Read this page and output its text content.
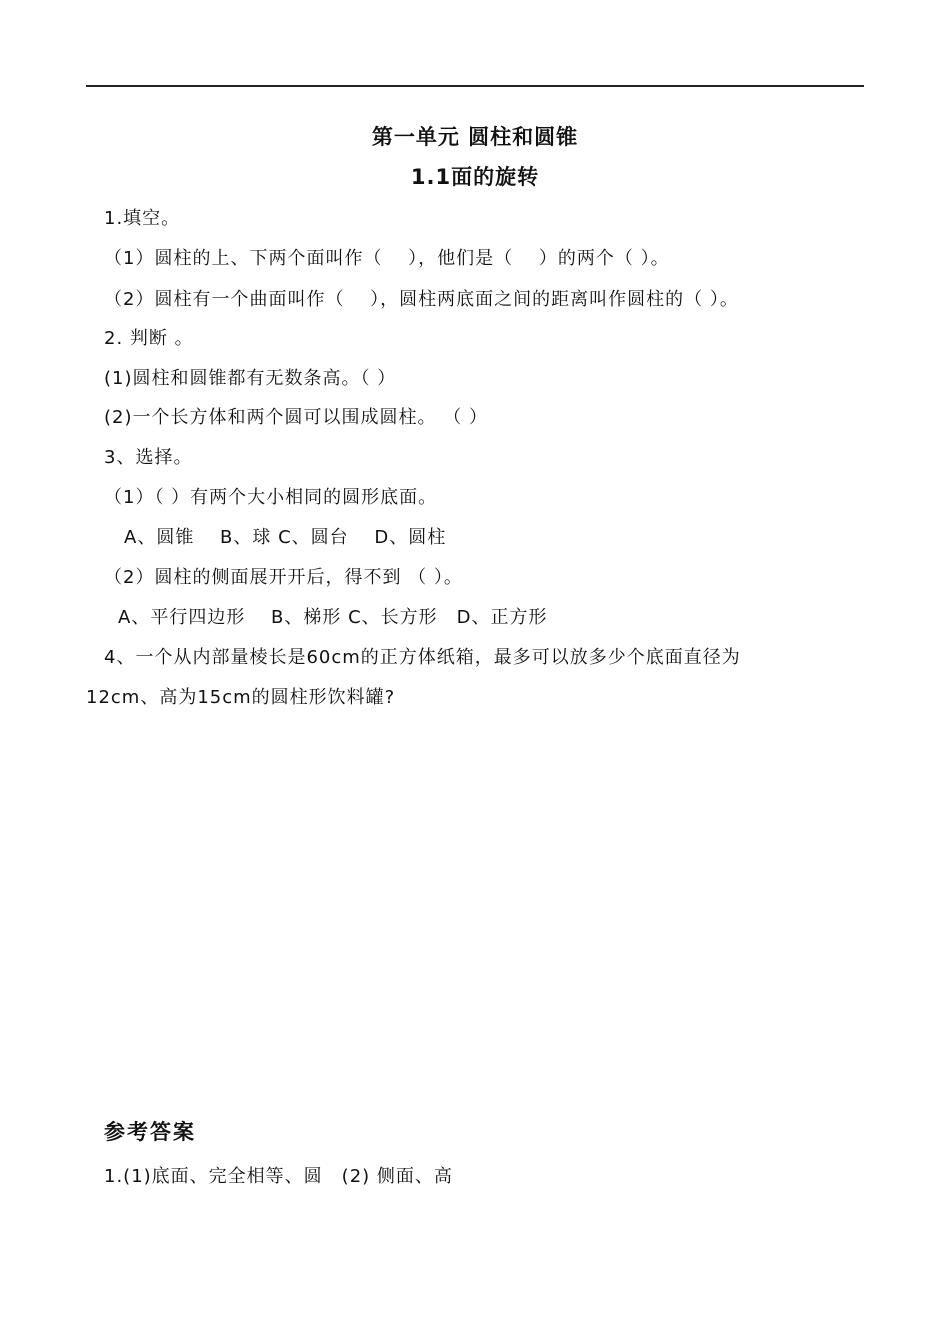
第一单元 圆柱和圆锥
1.1面的旋转
1.填空。
（1）圆柱的上、下两个面叫作（　 ），他们是（　 ）的两个（ ）。
（2）圆柱有一个曲面叫作（　 ），圆柱两底面之间的距离叫作圆柱的（ ）。
2. 判断 。
(1)圆柱和圆锥都有无数条高。（ ）
(2)一个长方体和两个圆可以围成圆柱。 （ ）
3、选择。
（1）（ ）有两个大小相同的圆形底面。
A、圆锥　 B、球 C、圆台　 D、圆柱
（2）圆柱的侧面展开开后，得不到 （ ）。
A、平行四边形　 B、梯形 C、长方形　D、正方形
4、一个从内部量棱长是60cm的正方体纸箱，最多可以放多少个底面直径为
12cm、高为15cm的圆柱形饮料罐?
参考答案
1.(1)底面、完全相等、圆　(2) 侧面、高
